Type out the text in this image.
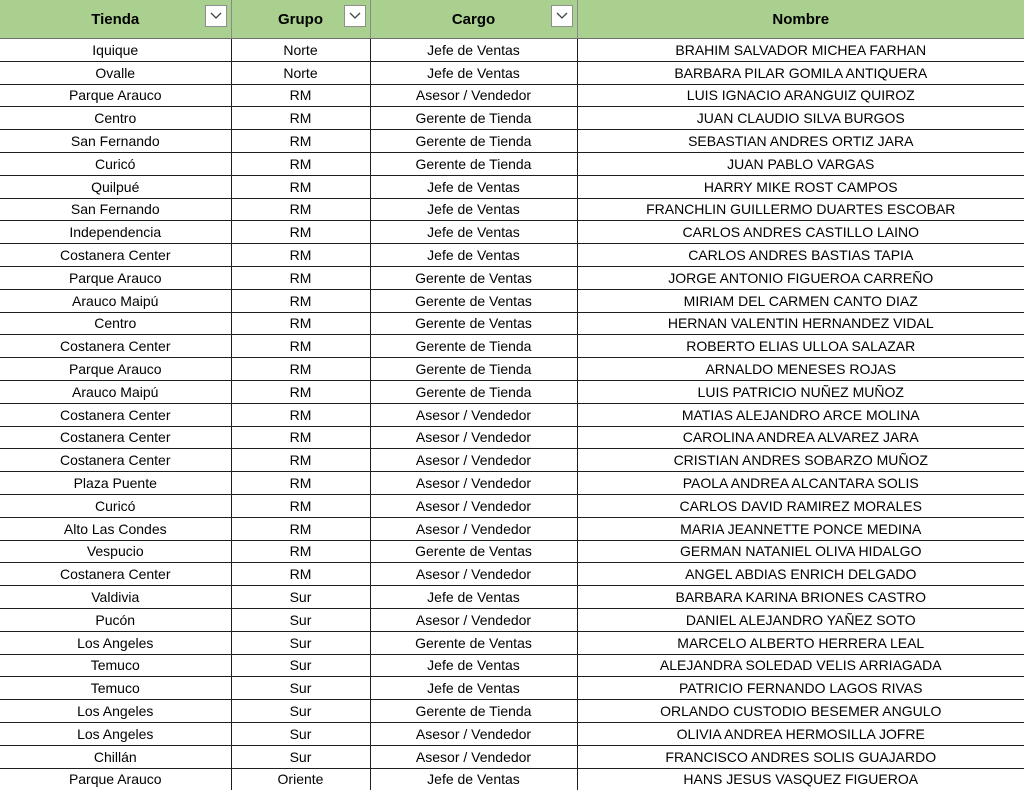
Tienda	Grupo	Cargo	Nombre
Iquique	Norte	Jefe de Ventas	BRAHIM SALVADOR MICHEA FARHAN
Ovalle	Norte	Jefe de Ventas	BARBARA PILAR GOMILA ANTIQUERA
Parque Arauco	RM	Asesor / Vendedor	LUIS IGNACIO ARANGUIZ QUIROZ
Centro	RM	Gerente de Tienda	JUAN CLAUDIO SILVA BURGOS
San Fernando	RM	Gerente de Tienda	SEBASTIAN ANDRES ORTIZ JARA
Curicó	RM	Gerente de Tienda	JUAN PABLO VARGAS
Quilpué	RM	Jefe de Ventas	HARRY MIKE ROST CAMPOS
San Fernando	RM	Jefe de Ventas	FRANCHLIN GUILLERMO DUARTES ESCOBAR
Independencia	RM	Jefe de Ventas	CARLOS ANDRES CASTILLO LAINO
Costanera Center	RM	Jefe de Ventas	CARLOS ANDRES BASTIAS TAPIA
Parque Arauco	RM	Gerente de Ventas	JORGE ANTONIO FIGUEROA CARREÑO
Arauco Maipú	RM	Gerente de Ventas	MIRIAM DEL CARMEN CANTO DIAZ
Centro	RM	Gerente de Ventas	HERNAN VALENTIN HERNANDEZ VIDAL
Costanera Center	RM	Gerente de Tienda	ROBERTO ELIAS ULLOA SALAZAR
Parque Arauco	RM	Gerente de Tienda	ARNALDO MENESES ROJAS
Arauco Maipú	RM	Gerente de Tienda	LUIS PATRICIO NUÑEZ MUÑOZ
Costanera Center	RM	Asesor / Vendedor	MATIAS ALEJANDRO ARCE MOLINA
Costanera Center	RM	Asesor / Vendedor	CAROLINA ANDREA ALVAREZ JARA
Costanera Center	RM	Asesor / Vendedor	CRISTIAN ANDRES SOBARZO MUÑOZ
Plaza Puente	RM	Asesor / Vendedor	PAOLA ANDREA ALCANTARA SOLIS
Curicó	RM	Asesor / Vendedor	CARLOS DAVID RAMIREZ MORALES
Alto Las Condes	RM	Asesor / Vendedor	MARIA JEANNETTE PONCE MEDINA
Vespucio	RM	Gerente de Ventas	GERMAN NATANIEL OLIVA HIDALGO
Costanera Center	RM	Asesor / Vendedor	ANGEL ABDIAS ENRICH DELGADO
Valdivia	Sur	Jefe de Ventas	BARBARA KARINA BRIONES CASTRO
Pucón	Sur	Asesor / Vendedor	DANIEL ALEJANDRO YAÑEZ SOTO
Los Angeles	Sur	Gerente de Ventas	MARCELO ALBERTO HERRERA LEAL
Temuco	Sur	Jefe de Ventas	ALEJANDRA SOLEDAD VELIS ARRIAGADA
Temuco	Sur	Jefe de Ventas	PATRICIO FERNANDO LAGOS RIVAS
Los Angeles	Sur	Gerente de Tienda	ORLANDO CUSTODIO BESEMER ANGULO
Los Angeles	Sur	Asesor / Vendedor	OLIVIA ANDREA HERMOSILLA JOFRE
Chillán	Sur	Asesor / Vendedor	FRANCISCO ANDRES SOLIS GUAJARDO
Parque Arauco	Oriente	Jefe de Ventas	HANS JESUS VASQUEZ FIGUEROA
